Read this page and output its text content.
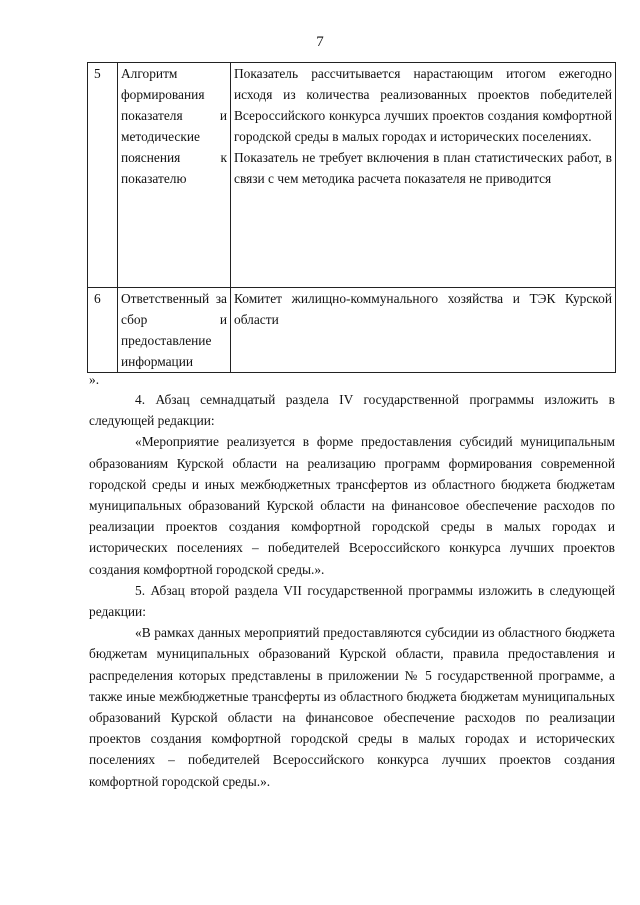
7
5	Алгоритм формирования показателя и методические пояснения к показателю	Показатель рассчитывается нарастающим итогом ежегодно исходя из количества реализованных проектов победителей Всероссийского конкурса лучших проектов создания комфортной городской среды в малых городах и исторических поселениях.

Показатель не требует включения в план статистических работ, в связи с чем методика расчета показателя не приводится

6	Ответственный за сбор и предоставление информации	Комитет жилищно-коммунального хозяйства и ТЭК Курской области

».

4. Абзац семнадцатый раздела IV государственной программы изложить в следующей редакции:

«Мероприятие реализуется в форме предоставления субсидий муниципальным образованиям Курской области на реализацию программ формирования современной городской среды и иных межбюджетных трансфертов из областного бюджета бюджетам муниципальных образований Курской области на финансовое обеспечение расходов по реализации проектов создания комфортной городской среды в малых городах и исторических поселениях – победителей Всероссийского конкурса лучших проектов создания комфортной городской среды.».

5. Абзац второй раздела VII государственной программы изложить в следующей редакции:

«В рамках данных мероприятий предоставляются субсидии из областного бюджета бюджетам муниципальных образований Курской области, правила предоставления и распределения которых представлены в приложении № 5 государственной программе, а также иные межбюджетные трансферты из областного бюджета бюджетам муниципальных образований Курской области на финансовое обеспечение расходов по реализации проектов создания комфортной городской среды в малых городах и исторических поселениях – победителей Всероссийского конкурса лучших проектов создания комфортной городской среды.».
